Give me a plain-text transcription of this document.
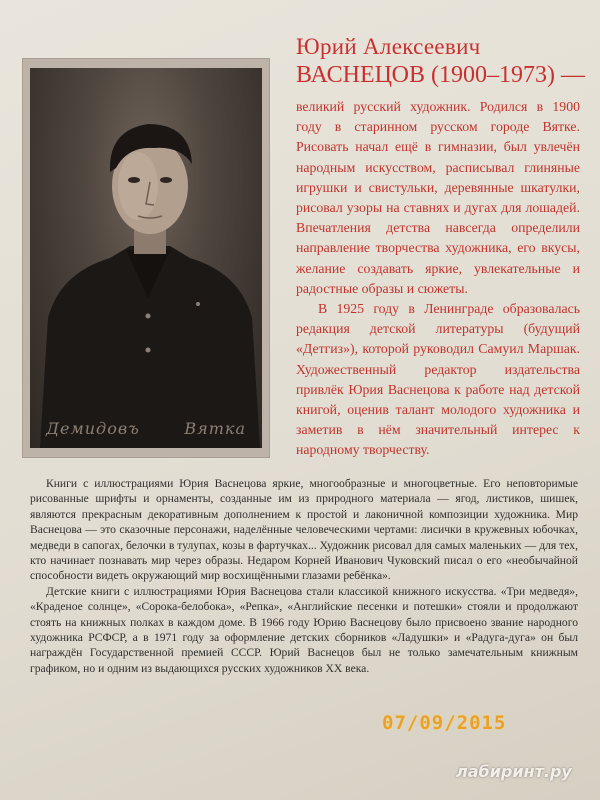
Демидовъ	Вятка
Юрий Алексеевич
ВАСНЕЦОВ (1900–1973) —

великий русский художник. Родился в 1900 году в старинном русском городе Вятке. Рисовать начал ещё в гимназии, был увлечён народным искусством, расписывал глиняные игрушки и свистульки, деревянные шкатулки, рисовал узоры на ставнях и дугах для лошадей. Впечатления детства навсегда определили направление творчества художника, его вкусы, желание создавать яркие, увлекательные и радостные образы и сюжеты.

В 1925 году в Ленинграде образовалась редакция детской литературы (будущий «Детгиз»), которой руководил Самуил Маршак. Художественный редактор издательства привлёк Юрия Васнецова к работе над детской книгой, оценив талант молодого художника и заметив в нём значительный интерес к народному творчеству.

Книги с иллюстрациями Юрия Васнецова яркие, многообразные и многоцветные. Его неповторимые рисованные шрифты и орнаменты, созданные им из природного материала — ягод, листиков, шишек, являются прекрасным декоративным дополнением к простой и лаконичной композиции художника. Мир Васнецова — это сказочные персонажи, наделённые человеческими чертами: лисички в кружевных юбочках, медведи в сапогах, белочки в тулупах, козы в фартучках... Художник рисовал для самых маленьких — для тех, кто начинает познавать мир через образы. Недаром Корней Иванович Чуковский писал о его «необычайной способности видеть окружающий мир восхищёнными глазами ребёнка».

Детские книги с иллюстрациями Юрия Васнецова стали классикой книжного искусства. «Три медведя», «Краденое солнце», «Сорока-белобока», «Репка», «Английские песенки и потешки» стояли и продолжают стоять на книжных полках в каждом доме. В 1966 году Юрию Васнецову было присвоено звание народного художника РСФСР, а в 1971 году за оформление детских сборников «Ладушки» и «Радуга-дуга» он был награждён Государственной премией СССР. Юрий Васнецов был не только замечательным книжным графиком, но и одним из выдающихся русских художников XX века.

07/09/2015
лабиринт.ру
